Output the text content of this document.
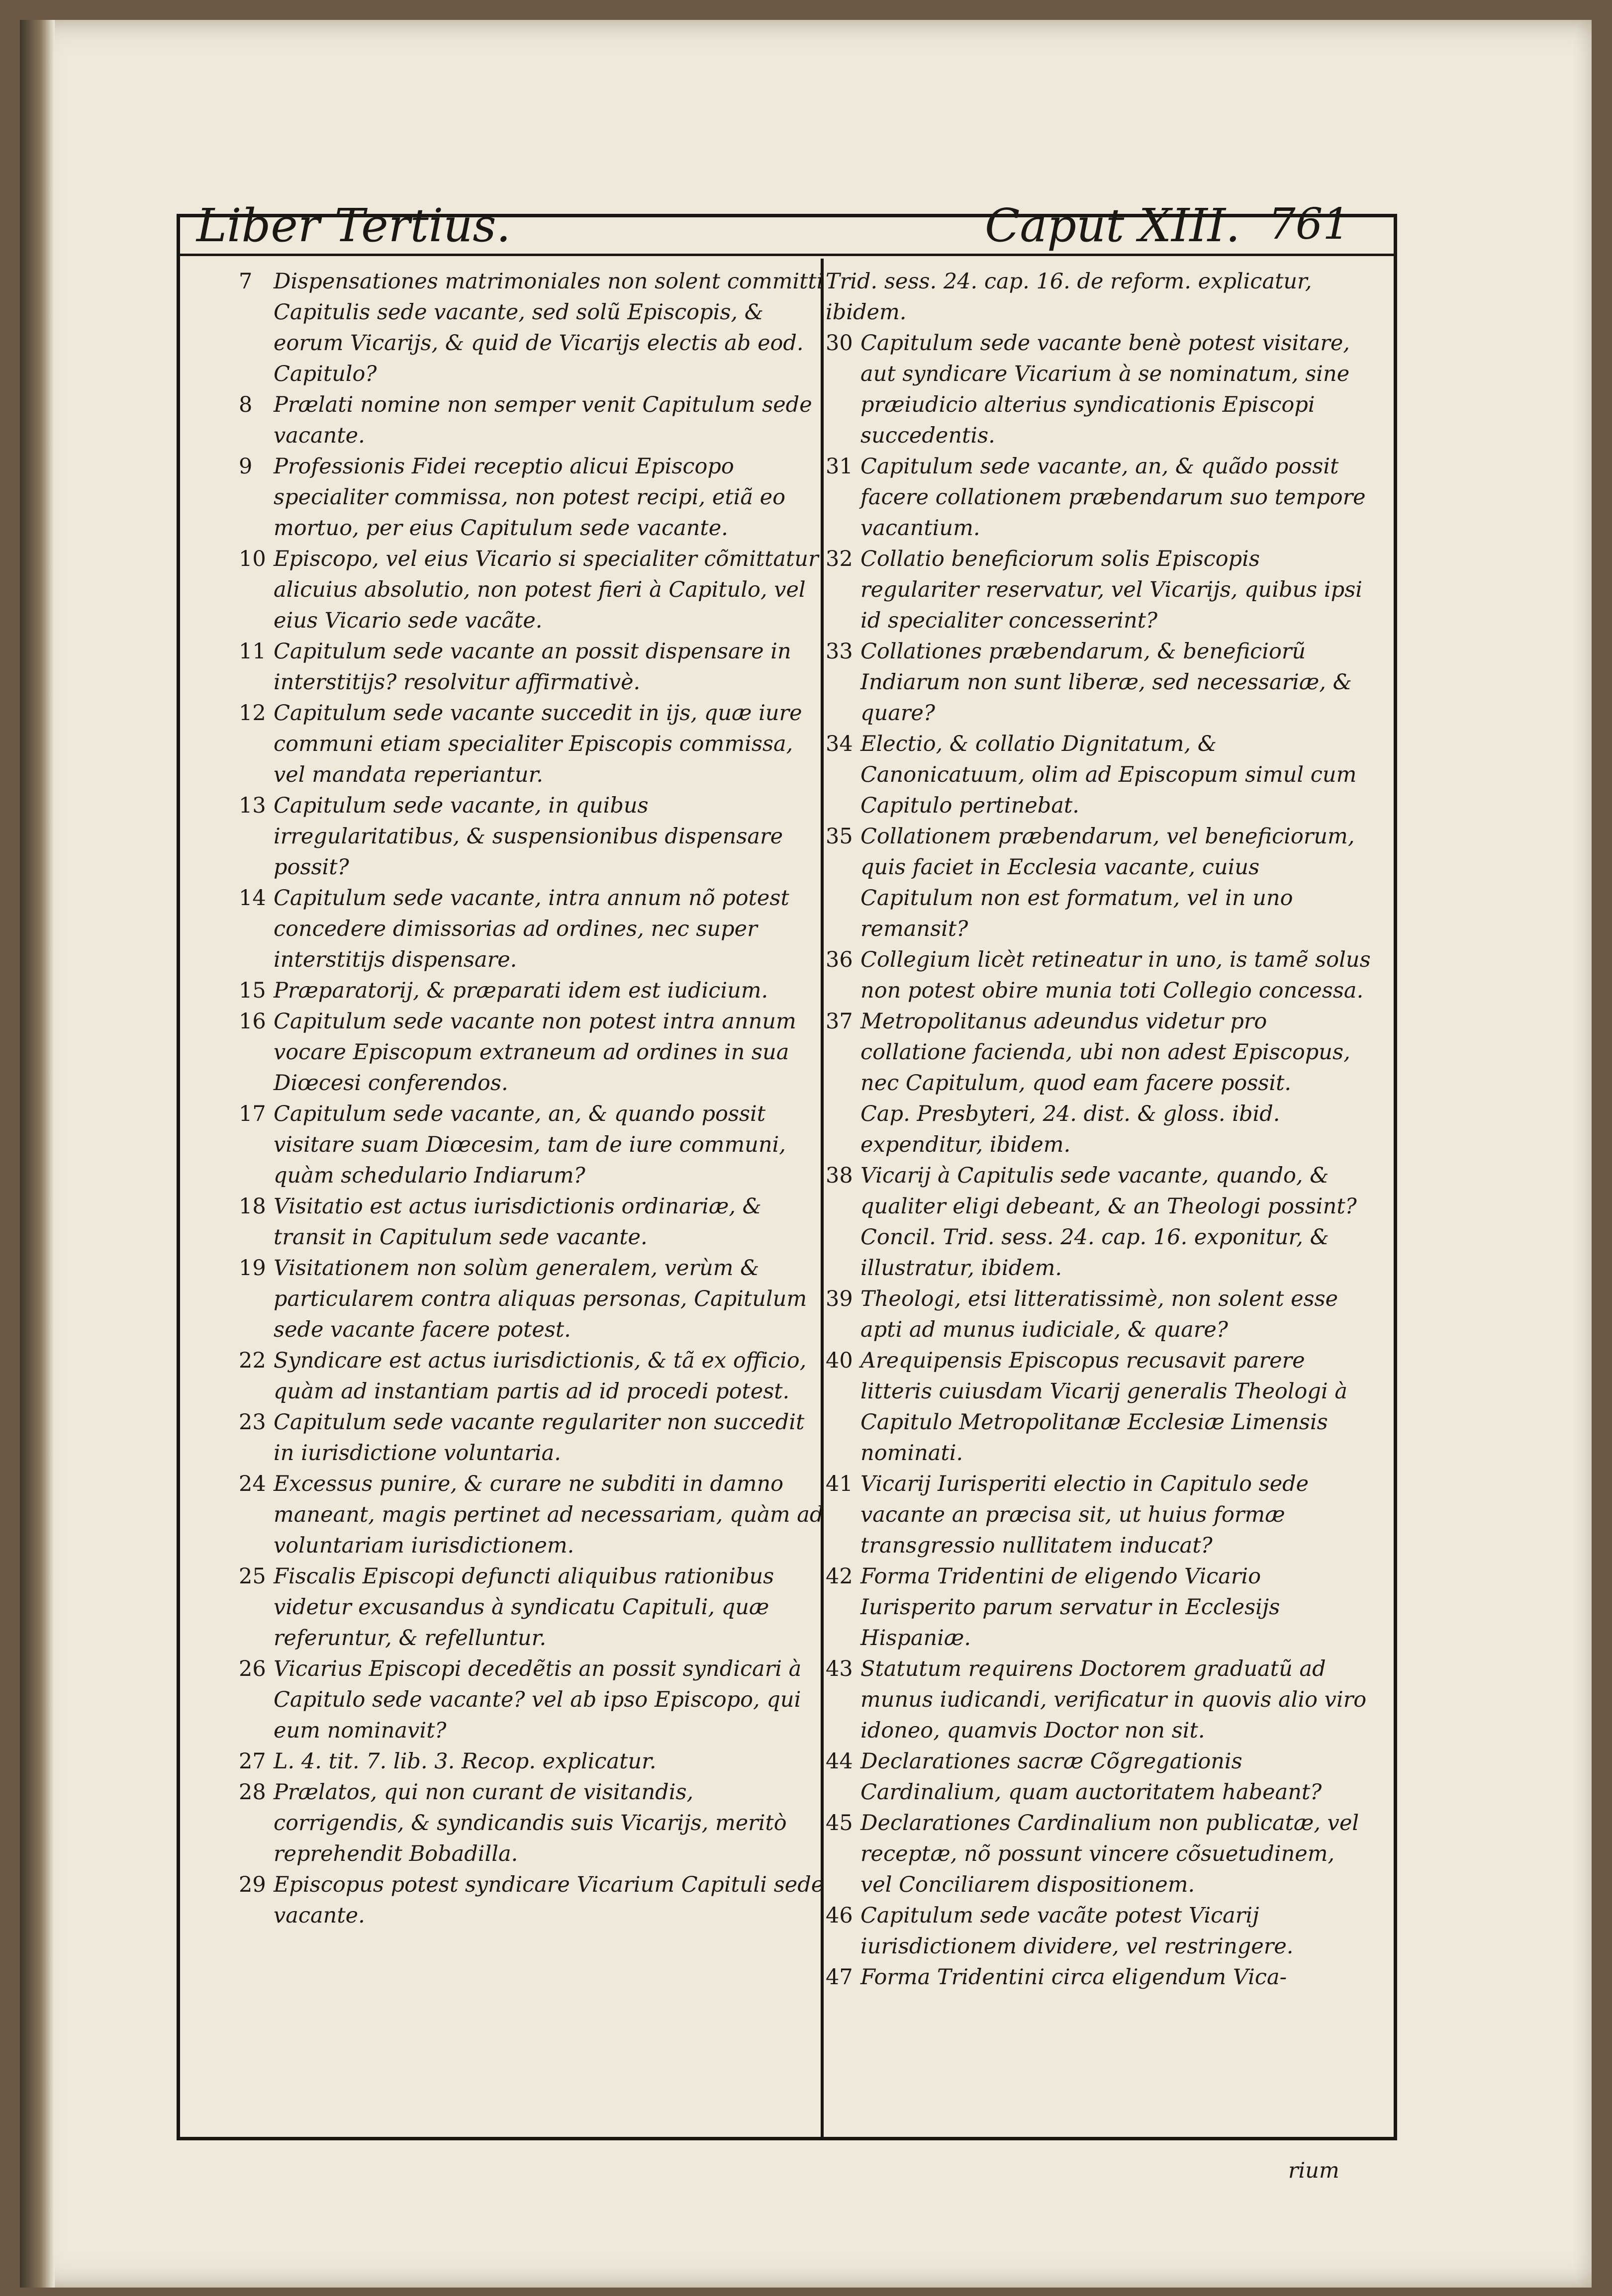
Liber Tertius.	Caput XIII. 761

7 Dispensationes matrimoniales non solent committi Capitulis sede vacante, sed solũ Episcopis, & eorum Vicarijs, & quid de Vicarijs electis ab eod. Capitulo?

8 Prælati nomine non semper venit Capitulum sede vacante.

9 Professionis Fidei receptio alicui Episcopo specialiter commissa, non potest recipi, etiã eo mortuo, per eius Capitulum sede vacante.

10 Episcopo, vel eius Vicario si specialiter cõmittatur alicuius absolutio, non potest fieri à Capitulo, vel eius Vicario sede vacãte.

11 Capitulum sede vacante an possit dispensare in interstitijs? resolvitur affirmativè.

12 Capitulum sede vacante succedit in ijs, quæ iure communi etiam specialiter Episcopis commissa, vel mandata reperiantur.

13 Capitulum sede vacante, in quibus irregularitatibus, & suspensionibus dispensare possit?

14 Capitulum sede vacante, intra annum nõ potest concedere dimissorias ad ordines, nec super interstitijs dispensare.

15 Præparatorij, & præparati idem est iudicium.

16 Capitulum sede vacante non potest intra annum vocare Episcopum extraneum ad ordines in sua Diœcesi conferendos.

17 Capitulum sede vacante, an, & quando possit visitare suam Diœcesim, tam de iure communi, quàm schedulario Indiarum?

18 Visitatio est actus iurisdictionis ordinariæ, & transit in Capitulum sede vacante.

19 Visitationem non solùm generalem, verùm & particularem contra aliquas personas, Capitulum sede vacante facere potest.

22 Syndicare est actus iurisdictionis, & tã ex officio, quàm ad instantiam partis ad id procedi potest.

23 Capitulum sede vacante regulariter non succedit in iurisdictione voluntaria.

24 Excessus punire, & curare ne subditi in damno maneant, magis pertinet ad necessariam, quàm ad voluntariam iurisdictionem.

25 Fiscalis Episcopi defuncti aliquibus rationibus videtur excusandus à syndicatu Capituli, quæ referuntur, & refelluntur.

26 Vicarius Episcopi decedẽtis an possit syndicari à Capitulo sede vacante? vel ab ipso Episcopo, qui eum nominavit?

27 L. 4. tit. 7. lib. 3. Recop. explicatur.

28 Prælatos, qui non curant de visitandis, corrigendis, & syndicandis suis Vicarijs, meritò reprehendit Bobadilla.

29 Episcopus potest syndicare Vicarium Capituli sede vacante.

Trid. sess. 24. cap. 16. de reform. explicatur, ibidem.

30 Capitulum sede vacante benè potest visitare, aut syndicare Vicarium à se nominatum, sine præiudicio alterius syndicationis Episcopi succedentis.

31 Capitulum sede vacante, an, & quãdo possit facere collationem præbendarum suo tempore vacantium.

32 Collatio beneficiorum solis Episcopis regulariter reservatur, vel Vicarijs, quibus ipsi id specialiter concesserint?

33 Collationes præbendarum, & beneficiorũ Indiarum non sunt liberæ, sed necessariæ, & quare?

34 Electio, & collatio Dignitatum, & Canonicatuum, olim ad Episcopum simul cum Capitulo pertinebat.

35 Collationem præbendarum, vel beneficiorum, quis faciet in Ecclesia vacante, cuius Capitulum non est formatum, vel in uno remansit?

36 Collegium licèt retineatur in uno, is tamẽ solus non potest obire munia toti Collegio concessa.

37 Metropolitanus adeundus videtur pro collatione facienda, ubi non adest Episcopus, nec Capitulum, quod eam facere possit.

Cap. Presbyteri, 24. dist. & gloss. ibid. expenditur, ibidem.

38 Vicarij à Capitulis sede vacante, quando, & qualiter eligi debeant, & an Theologi possint?

Concil. Trid. sess. 24. cap. 16. exponitur, & illustratur, ibidem.

39 Theologi, etsi litteratissimè, non solent esse apti ad munus iudiciale, & quare?

40 Arequipensis Episcopus recusavit parere litteris cuiusdam Vicarij generalis Theologi à Capitulo Metropolitanæ Ecclesiæ Limensis nominati.

41 Vicarij Iurisperiti electio in Capitulo sede vacante an præcisa sit, ut huius formæ transgressio nullitatem inducat?

42 Forma Tridentini de eligendo Vicario Iurisperito parum servatur in Ecclesijs Hispaniæ.

43 Statutum requirens Doctorem graduatũ ad munus iudicandi, verificatur in quovis alio viro idoneo, quamvis Doctor non sit.

44 Declarationes sacræ Cõgregationis Cardinalium, quam auctoritatem habeant?

45 Declarationes Cardinalium non publicatæ, vel receptæ, nõ possunt vincere cõsuetudinem, vel Conciliarem dispositionem.

46 Capitulum sede vacãte potest Vicarij iurisdictionem dividere, vel restringere.

47 Forma Tridentini circa eligendum Vica-

rium
